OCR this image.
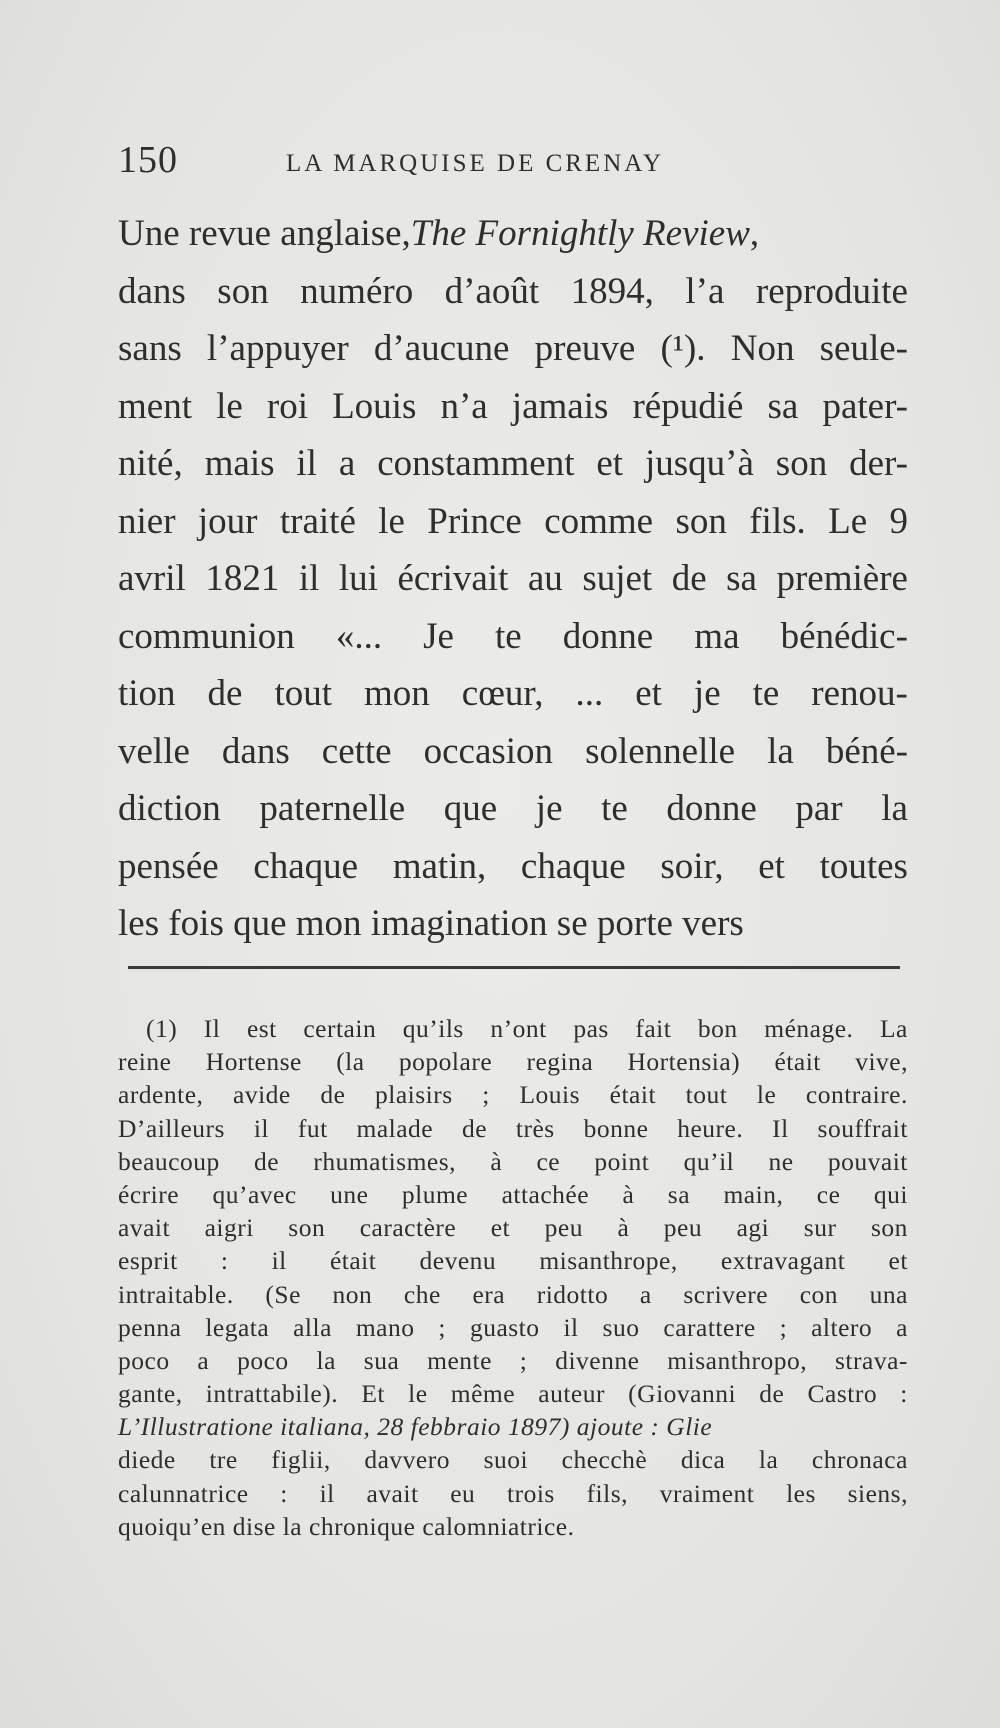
150	LA MARQUISE DE CRENAY
Une revue anglaise, The Fornightly Review,
dans son numéro d’août 1894, l’a reproduite
sans l’appuyer d’aucune preuve (¹). Non seule-
ment le roi Louis n’a jamais répudié sa pater-
nité, mais il a constamment et jusqu’à son der-
nier jour traité le Prince comme son fils. Le 9
avril 1821 il lui écrivait au sujet de sa première
communion «... Je te donne ma bénédic-
tion de tout mon cœur, ... et je te renou-
velle dans cette occasion solennelle la béné-
diction paternelle que je te donne par la
pensée chaque matin, chaque soir, et toutes
les fois que mon imagination se porte vers
(1) Il est certain qu’ils n’ont pas fait bon ménage. La
reine Hortense (la popolare regina Hortensia) était vive,
ardente, avide de plaisirs ; Louis était tout le contraire.
D’ailleurs il fut malade de très bonne heure. Il souffrait
beaucoup de rhumatismes, à ce point qu’il ne pouvait
écrire qu’avec une plume attachée à sa main, ce qui
avait aigri son caractère et peu à peu agi sur son
esprit : il était devenu misanthrope, extravagant et
intraitable. (Se non che era ridotto a scrivere con una
penna legata alla mano ; guasto il suo carattere ; altero a
poco a poco la sua mente ; divenne misanthropo, strava-
gante, intrattabile). Et le même auteur (Giovanni de Castro :
L’Illustratione italiana, 28 febbraio 1897) ajoute : Glie
diede tre figlii, davvero suoi checchè dica la chronaca
calunnatrice : il avait eu trois fils, vraiment les siens,
quoiqu’en dise la chronique calomniatrice.
